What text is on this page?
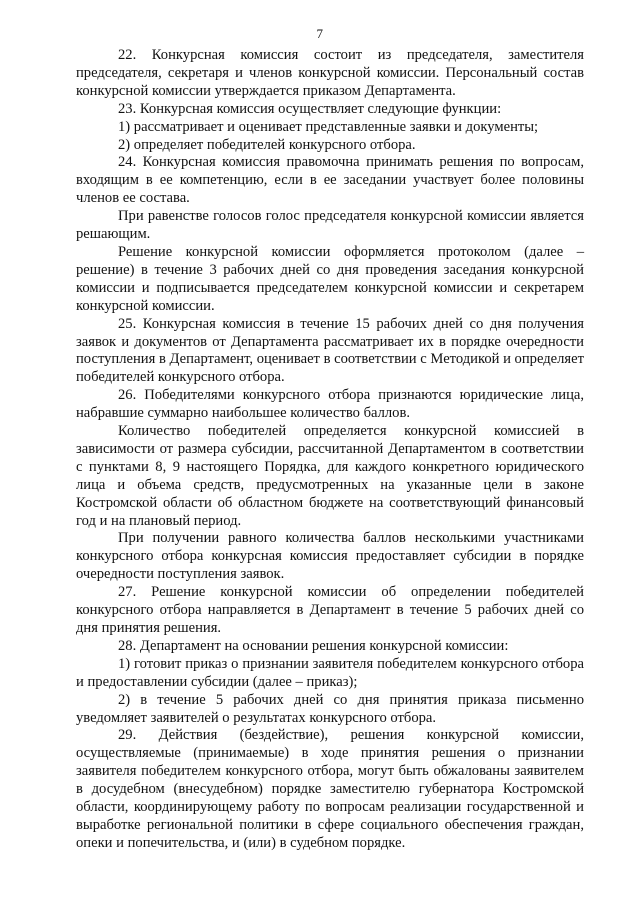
7

22. Конкурсная комиссия состоит из председателя, заместителя председателя, секретаря и членов конкурсной комиссии. Персональный состав конкурсной комиссии утверждается приказом Департамента.

23. Конкурсная комиссия осуществляет следующие функции:

1) рассматривает и оценивает представленные заявки и документы;

2) определяет победителей конкурсного отбора.

24. Конкурсная комиссия правомочна принимать решения по вопросам, входящим в ее компетенцию, если в ее заседании участвует более половины членов ее состава.

При равенстве голосов голос председателя конкурсной комиссии является решающим.

Решение конкурсной комиссии оформляется протоколом (далее – решение) в течение 3 рабочих дней со дня проведения заседания конкурсной комиссии и подписывается председателем конкурсной комиссии и секретарем конкурсной комиссии.

25. Конкурсная комиссия в течение 15 рабочих дней со дня получения заявок и документов от Департамента рассматривает их в порядке очередности поступления в Департамент, оценивает в соответствии с Методикой и определяет победителей конкурсного отбора.

26. Победителями конкурсного отбора признаются юридические лица, набравшие суммарно наибольшее количество баллов.

Количество победителей определяется конкурсной комиссией в зависимости от размера субсидии, рассчитанной Департаментом в соответствии с пунктами 8, 9 настоящего Порядка, для каждого конкретного юридического лица и объема средств, предусмотренных на указанные цели в законе Костромской области об областном бюджете на соответствующий финансовый год и на плановый период.

При получении равного количества баллов несколькими участниками конкурсного отбора конкурсная комиссия предоставляет субсидии в порядке очередности поступления заявок.

27. Решение конкурсной комиссии об определении победителей конкурсного отбора направляется в Департамент в течение 5 рабочих дней со дня принятия решения.

28. Департамент на основании решения конкурсной комиссии:

1) готовит приказ о признании заявителя победителем конкурсного отбора и предоставлении субсидии (далее – приказ);

2) в течение 5 рабочих дней со дня принятия приказа письменно уведомляет заявителей о результатах конкурсного отбора.

29. Действия (бездействие), решения конкурсной комиссии, осуществляемые (принимаемые) в ходе принятия решения о признании заявителя победителем конкурсного отбора, могут быть обжалованы заявителем в досудебном (внесудебном) порядке заместителю губернатора Костромской области, координирующему работу по вопросам реализации государственной и выработке региональной политики в сфере социального обеспечения граждан, опеки и попечительства, и (или) в судебном порядке.
